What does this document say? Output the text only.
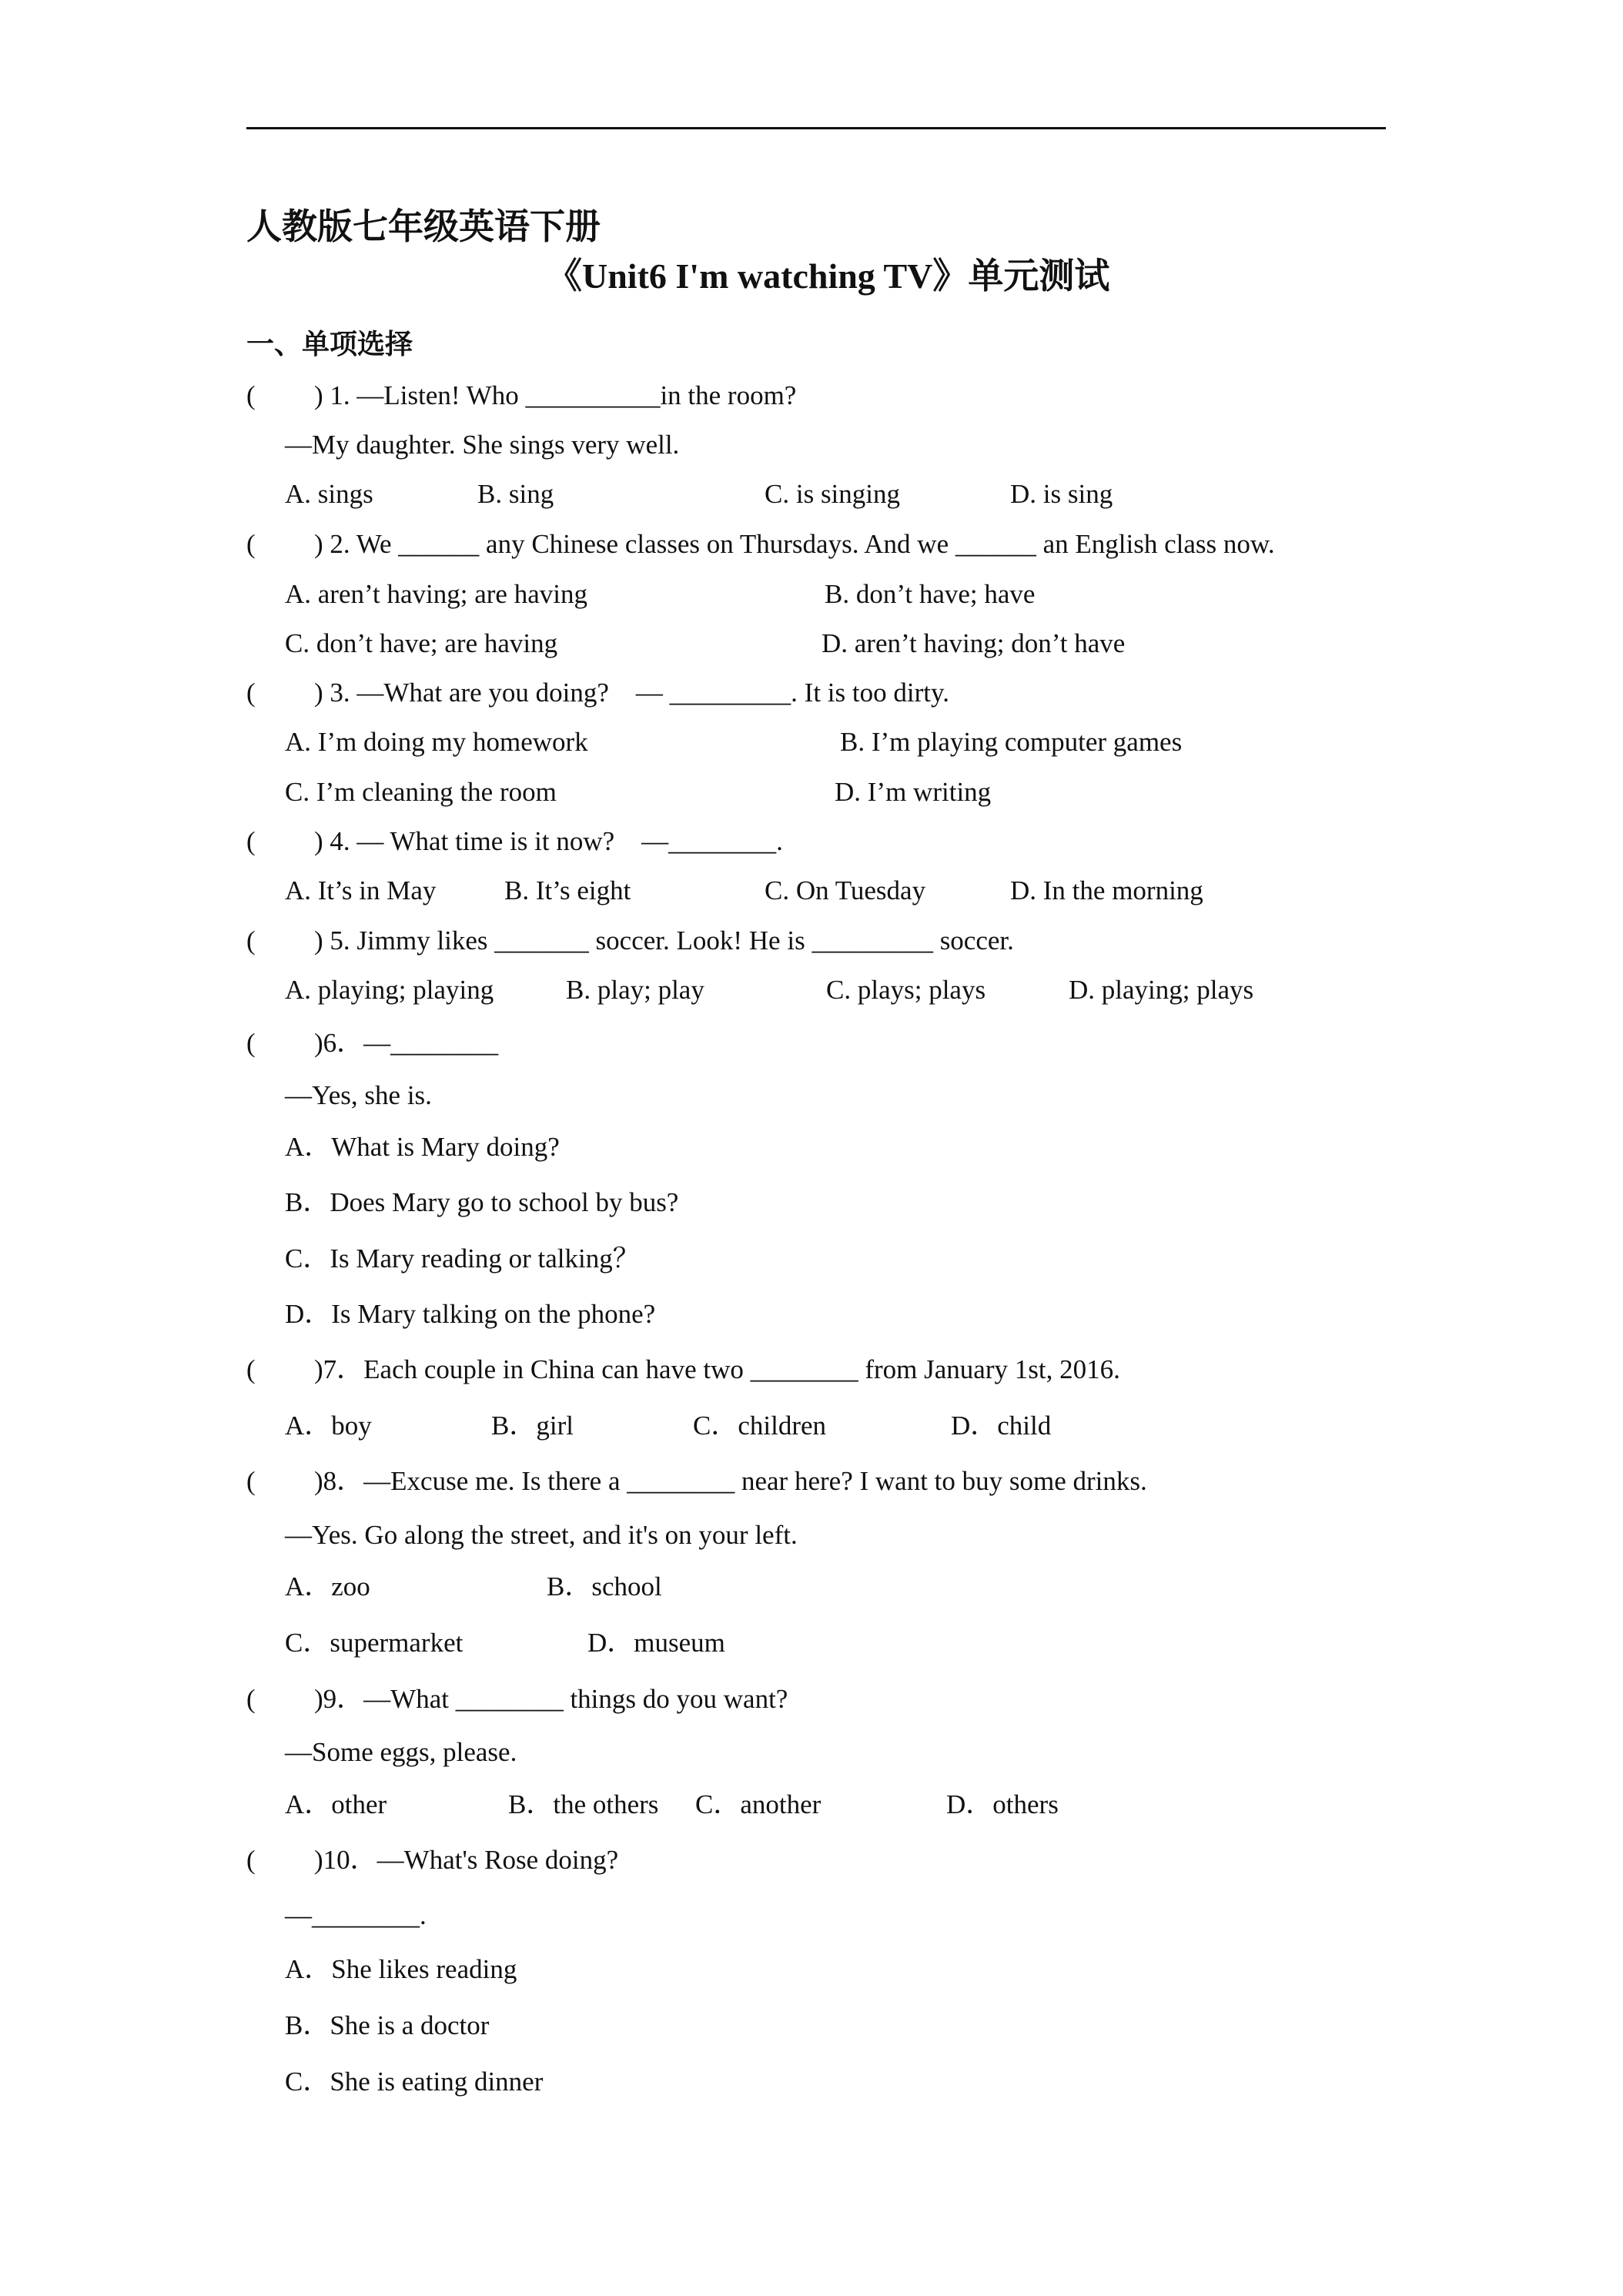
人教版七年级英语下册
《Unit6 I'm watching TV》单元测试
一、单项选择
( ) 1. —Listen! Who __________in the room?
—My daughter. She sings very well.
A. sings	B. sing	C. is singing	D. is sing
( ) 2. We ______ any Chinese classes on Thursdays. And we ______ an English class now.
A. aren’t having; are having	B. don’t have; have
C. don’t have; are having	D. aren’t having; don’t have
( ) 3. —What are you doing?    — _________. It is too dirty.
A. I’m doing my homework	B. I’m playing computer games
C. I’m cleaning the room	D. I’m writing
( ) 4. — What time is it now?    —________.
A. It’s in May	B. It’s eight	C. On Tuesday	D. In the morning
( ) 5. Jimmy likes _______ soccer. Look! He is _________ soccer.
A. playing; playing	B. play; play	C. plays; plays	D. playing; plays
( )6．—________
—Yes, she is.
A．What is Mary doing?
B．Does Mary go to school by bus?
C．Is Mary reading or talking？
D．Is Mary talking on the phone?
( )7．Each couple in China can have two ________ from January 1st, 2016.
A．boy	B．girl	C．children	D．child
( )8．—Excuse me. Is there a ________ near here? I want to buy some drinks.
—Yes. Go along the street, and it's on your left.
A．zoo	B．school
C．supermarket	D．museum
( )9．—What ________ things do you want?
—Some eggs, please.
A．other	B．the others C．another	D．others
( )10．—What's Rose doing?
—________.
A．She likes reading
B．She is a doctor
C．She is eating dinner
